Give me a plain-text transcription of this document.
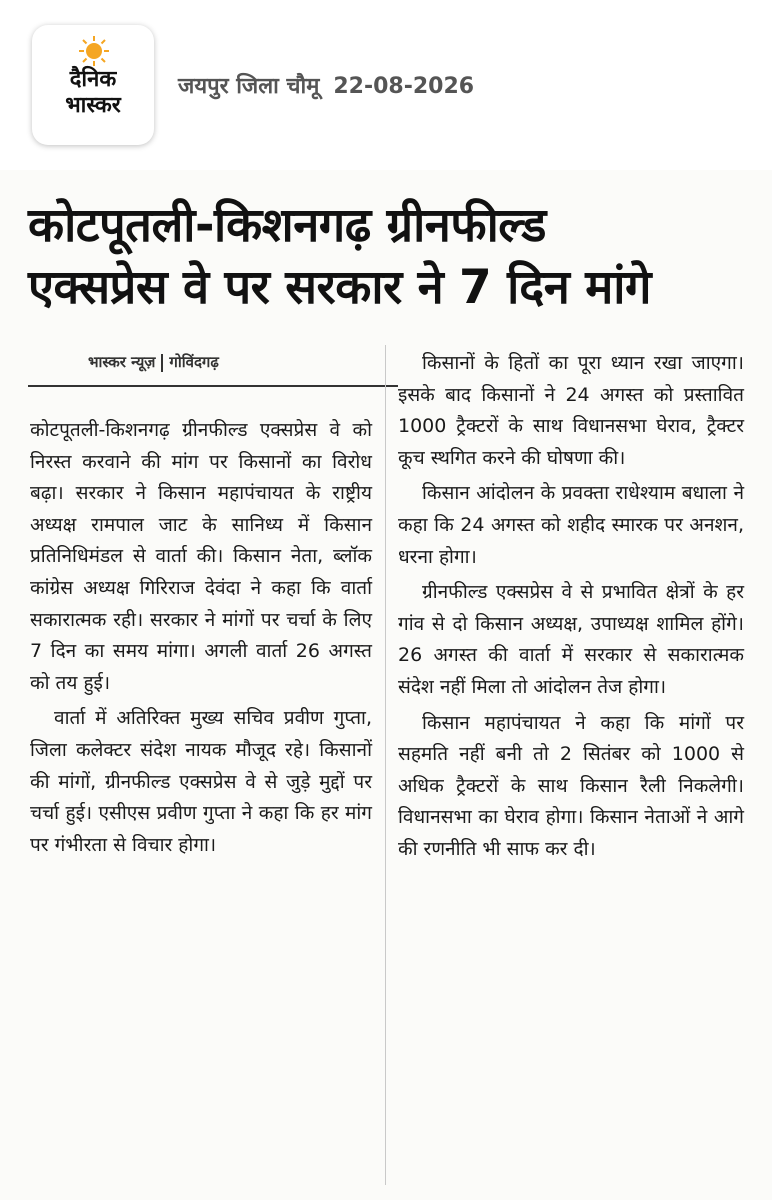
दैनिक
भास्कर
जयपुर जिला चौमू 22-08-2026
कोटपूतली-किशनगढ़ ग्रीनफील्ड
एक्सप्रेस वे पर सरकार ने 7 दिन मांगे
भास्कर न्यूज़ गोविंदगढ़

कोटपूतली-किशनगढ़ ग्रीनफील्ड एक्सप्रेस वे को निरस्त करवाने की मांग पर किसानों का विरोध बढ़ा। सरकार ने किसान महापंचायत के राष्ट्रीय अध्यक्ष रामपाल जाट के सानिध्य में किसान प्रतिनिधिमंडल से वार्ता की। किसान नेता, ब्लॉक कांग्रेस अध्यक्ष गिरिराज देवंदा ने कहा कि वार्ता सकारात्मक रही। सरकार ने मांगों पर चर्चा के लिए 7 दिन का समय मांगा। अगली वार्ता 26 अगस्त को तय हुई।

वार्ता में अतिरिक्त मुख्य सचिव प्रवीण गुप्ता, जिला कलेक्टर संदेश नायक मौजूद रहे। किसानों की मांगों, ग्रीनफील्ड एक्सप्रेस वे से जुड़े मुद्दों पर चर्चा हुई। एसीएस प्रवीण गुप्ता ने कहा कि हर मांग पर गंभीरता से विचार होगा।

किसानों के हितों का पूरा ध्यान रखा जाएगा। इसके बाद किसानों ने 24 अगस्त को प्रस्तावित 1000 ट्रैक्टरों के साथ विधानसभा घेराव, ट्रैक्टर कूच स्थगित करने की घोषणा की।

किसान आंदोलन के प्रवक्ता राधेश्याम बधाला ने कहा कि 24 अगस्त को शहीद स्मारक पर अनशन, धरना होगा।

ग्रीनफील्ड एक्सप्रेस वे से प्रभावित क्षेत्रों के हर गांव से दो किसान अध्यक्ष, उपाध्यक्ष शामिल होंगे। 26 अगस्त की वार्ता में सरकार से सकारात्मक संदेश नहीं मिला तो आंदोलन तेज होगा।

किसान महापंचायत ने कहा कि मांगों पर सहमति नहीं बनी तो 2 सितंबर को 1000 से अधिक ट्रैक्टरों के साथ किसान रैली निकलेगी। विधानसभा का घेराव होगा। किसान नेताओं ने आगे की रणनीति भी साफ कर दी।
